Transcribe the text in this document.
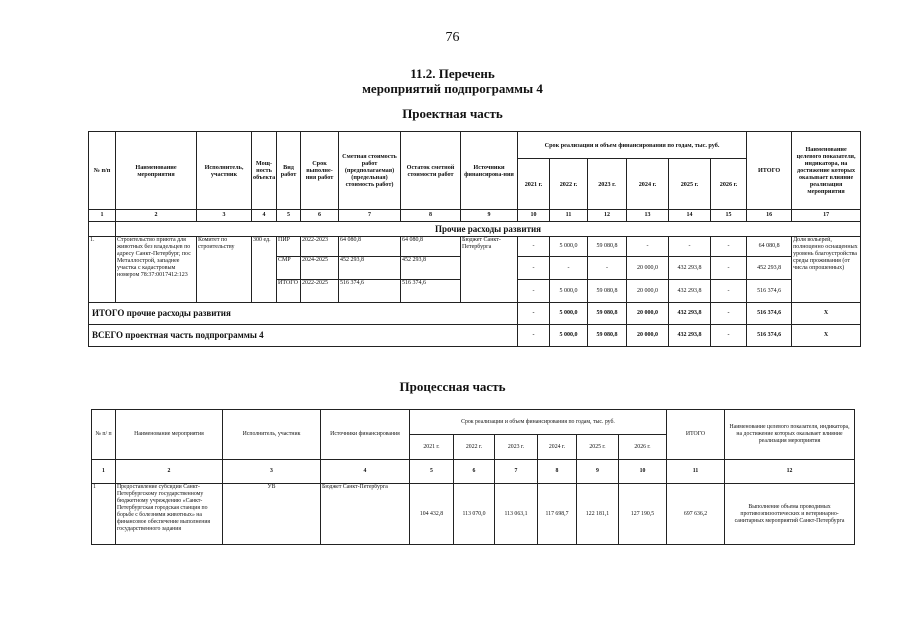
76
11.2. Перечень
мероприятий подпрограммы 4
Проектная часть
№ п/п	Наименование мероприятия	Исполнитель, участник	Мощ-ность объекта	Вид работ	Срок выполне-ния работ	Сметная стоимость работ (предполагаемая) (предельная) стоимость работ)	Остаток сметной стоимости работ	Источники финансирова-ния	Срок реализации и объем финансирования по годам, тыс. руб.						ИТОГО	Наименование целевого показателя, индикатора, на достижение которых оказывает влияние реализация мероприятия
									2021 г.	2022 г.	2023 г.	2024 г.	2025 г.	2026 г.		
1	2	3	4	5	6	7	8	9	10	11	12	13	14	15	16	17
	Прочие расходы развития															
1.	Строительство приюта для животных без владельцев по адресу Санкт-Петербург, пос Металлострой, западнее участка с кадастровым номером 78:37:0017412:123	Комитет по строительству	300 ед.	ПИР	2022-2023	64 080,8	64 080,8	Бюджет Санкт-Петербурга	-	5 000,0	59 080,8	-	-	-	64 080,8	Доля вольерей, полноценно оснащенных уровень благоустройства среды проживания (от числа опрошенных)
				СМР	2024-2025	452 293,8	452 293,8		-	-	-	20 000,0	432 293,8	-	452 293,8	
				ИТОГО	2022-2025	516 374,6	516 374,6		-	5 000,0	59 080,8	20 000,0	432 293,8	-	516 374,6	
ИТОГО прочие расходы развития									-	5 000,0	59 080,8	20 000,0	432 293,8	-	516 374,6	X
ВСЕГО проектная часть подпрограммы 4									-	5 000,0	59 080,8	20 000,0	432 293,8	-	516 374,6	X
Процессная часть
№ п/ п	Наименование мероприятия	Исполнитель, участник	Источники финансирования	Срок реализации и объем финансирования по годам, тыс. руб.						ИТОГО	Наименование целевого показателя, индикатора, на достижение которых оказывает влияние реализация мероприятия
				2021 г.	2022 г.	2023 г.	2024 г.	2025 г.	2026 г.		
1	2	3	4	5	6	7	8	9	10	11	12
1	Предоставление субсидии Санкт-Петербургскому государственному бюджетному учреждению «Санкт-Петербургская городская станция по борьбе с болезнями животных» на финансовое обеспечение выполнения государственного задания	УВ	Бюджет Санкт-Петербурга	104 432,8	113 070,0	113 063,1	117 698,7	122 181,1	127 190,5	697 636,2	Выполнение объема проводимых противоэпизоотических и ветеринарно-санитарных мероприятий Санкт-Петербурга
